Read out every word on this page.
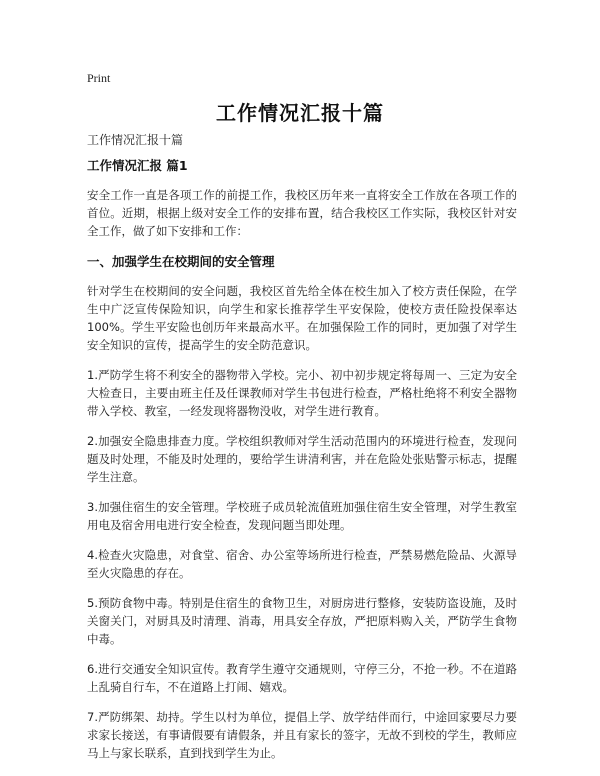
Print
工作情况汇报十篇
工作情况汇报十篇
工作情况汇报 篇1

安全工作一直是各项工作的前提工作，我校区历年来一直将安全工作放在各项工作的首位。近期，根据上级对安全工作的安排布置，结合我校区工作实际，我校区针对安全工作，做了如下安排和工作：

一、加强学生在校期间的安全管理

针对学生在校期间的安全问题，我校区首先给全体在校生加入了校方责任保险，在学生中广泛宣传保险知识，向学生和家长推荐学生平安保险，使校方责任险投保率达100%。学生平安险也创历年来最高水平。在加强保险工作的同时，更加强了对学生安全知识的宣传，提高学生的安全防范意识。

1.严防学生将不利安全的器物带入学校。完小、初中初步规定将每周一、三定为安全大检查日，主要由班主任及任课教师对学生书包进行检查，严格杜绝将不利安全器物带入学校、教室，一经发现将器物没收，对学生进行教育。

2.加强安全隐患排查力度。学校组织教师对学生活动范围内的环境进行检查，发现问题及时处理，不能及时处理的，要给学生讲清利害，并在危险处张贴警示标志，提醒学生注意。

3.加强住宿生的安全管理。学校班子成员轮流值班加强住宿生安全管理，对学生教室用电及宿舍用电进行安全检查，发现问题当即处理。

4.检查火灾隐患，对食堂、宿舍、办公室等场所进行检查，严禁易燃危险品、火源导至火灾隐患的存在。

5.预防食物中毒。特别是住宿生的食物卫生，对厨房进行整修，安装防盗设施，及时关窗关门，对厨具及时清理、消毒，用具安全存放，严把原料购入关，严防学生食物中毒。

6.进行交通安全知识宣传。教育学生遵守交通规则，守停三分，不抢一秒。不在道路上乱骑自行车，不在道路上打闹、嬉戏。

7.严防绑架、劫持。学生以村为单位，提倡上学、放学结伴而行，中途回家要尽力要求家长接送，有事请假要有请假条，并且有家长的签字，无故不到校的学生，教师应马上与家长联系，直到找到学生为止。
